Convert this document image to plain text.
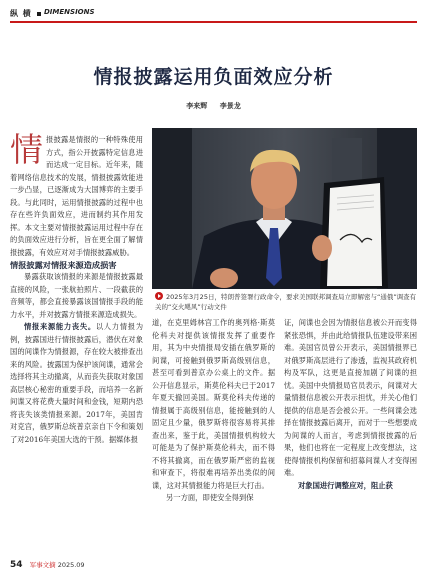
纵 横 DIMENSIONS
情报披露运用负面效应分析
李来辉 李景龙

情报披露是情报的一种特殊使用方式，指公开披露特定信息进而达成一定目标。近年来，随着网络信息技术的发展，情报披露效能进一步凸显，已逐渐成为大国博弈的主要手段。与此同时，运用情报披露的过程中也存在些许负面效应，进而制约其作用发挥。本文主要对情报披露运用过程中存在的负面效应进行分析，旨在更全面了解情报披露，有效应对对手情报披露威胁。

情报披露对情报来源造成损害

暴露获取该情报的来源是情报披露最直接的风险，一张航拍照片、一段截获的音频等，都会直接暴露该国情报手段的能力水平，并对披露方情报来源造成损失。

情报来源能力丧失。以人力情报为例，披露国进行情报披露后，潜伏在对象国的间谍作为情报源，存在较大被排查出来的风险。披露国为保护该间谍，通常会选择将其主动撤离，从而丧失获取对象国高层核心秘密的重要手段，而培养一名新间谍又将花费大量时间和金钱，短期内恐将丧失该类情报来源。2017年，美国肯对克宫，俄罗斯总统普京亲自下令和策划了对2016年美国大选的干预。据媒体报

2025年3月25日，特朗普签署行政命令，要求美国联邦调查局立即解密与“通俄”调查有关的“交火飓风”行动文件

道，在克里姆林宫工作的奥列格·斯莫伦科夫对提供该情报发挥了重要作用，其为中央情报局安插在俄罗斯的间谍，可接触到俄罗斯高级别信息，甚至可看到普京办公桌上的文件。据公开信息显示，斯莫伦科夫已于2017年夏天撤回美国。斯莫伦科夫传递的情报属于高级别信息，能接触到的人固定且少量，俄罗斯将很容易将其排查出来，鉴于此，美国情报机构较大可能是为了保护斯莫伦科夫，而不得不将其撤离，而在俄罗斯严密的监视和审查下，将很难再培养出类似的间谍，这对其情报能力将是巨大打击。

另一方面，即使安全得到保

证，间谍也会因为情报信息被公开而变得紧张恐惧，并由此给情报队伍建设带来困难。美国官员曾公开表示，美国情报界已对俄罗斯高层进行了渗透，监视其政府机构及军队，这更是直接加剧了间谍的担忧。美国中央情报局官员表示，间谍对大量情报信息被公开表示担忧，并关心他们提供的信息是否会被公开。一些间谍会选择在情报披露后离开，而对于一些想要成为间谍的人而言，考虑到情报披露的后果，他们也将在一定程度上改变想法，这使得情报机构保留和招募间谍人才变得困难。

对象国进行调整应对，阻止获

54 军事文摘 2025.09
